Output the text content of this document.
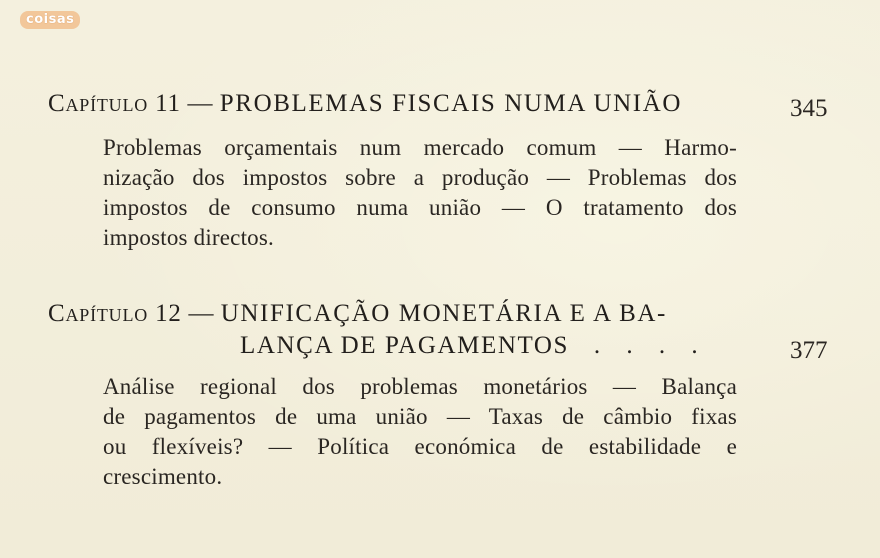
coisas
Capítulo 11 — PROBLEMAS FISCAIS NUMA UNIÃO	345
Problemas orçamentais num mercado comum — Harmo-
nização dos impostos sobre a produção — Problemas dos
impostos de consumo numa união — O tratamento dos
impostos directos.
Capítulo 12 — UNIFICAÇÃO MONETÁRIA E A BA-
LANÇA DE PAGAMENTOS . . . .	377
Análise regional dos problemas monetários — Balança
de pagamentos de uma união — Taxas de câmbio fixas
ou flexíveis? — Política económica de estabilidade e
crescimento.
